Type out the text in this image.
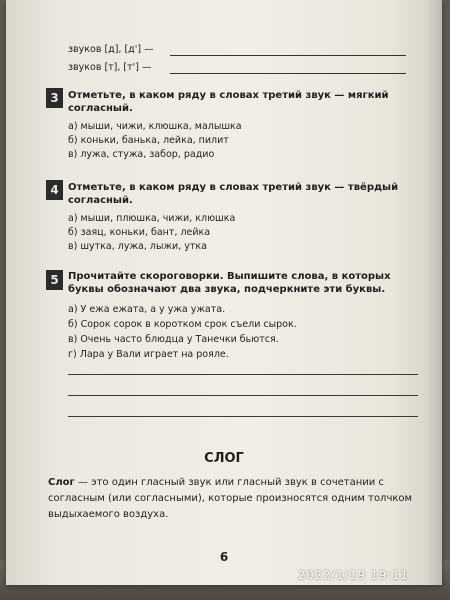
звуков [д], [д'] —
звуков [т], [т'] —
3 Отметьте, в каком ряду в словах третий звук — мягкий
согласный.
а) мыши, чижи, клюшка, малышка
б) коньки, банька, лейка, пилит
в) лужа, стужа, забор, радио
4 Отметьте, в каком ряду в словах третий звук — твёрдый
согласный.
а) мыши, плюшка, чижи, клюшка
б) заяц, коньки, бант, лейка
в) шутка, лужа, лыжи, утка
5 Прочитайте скороговорки. Выпишите слова, в которых
буквы обозначают два звука, подчеркните эти буквы.
а) У ежа ежата, а у ужа ужата.
б) Сорок сорок в коротком срок съели сырок.
в) Очень часто блюдца у Танечки бьются.
г) Лара у Вали играет на рояле.
СЛОГ
Слог — это один гласный звук или гласный звук в сочетании с
согласным (или согласными), которые произносятся одним толчком
выдыхаемого воздуха.
6
2022/1/19 19:11
